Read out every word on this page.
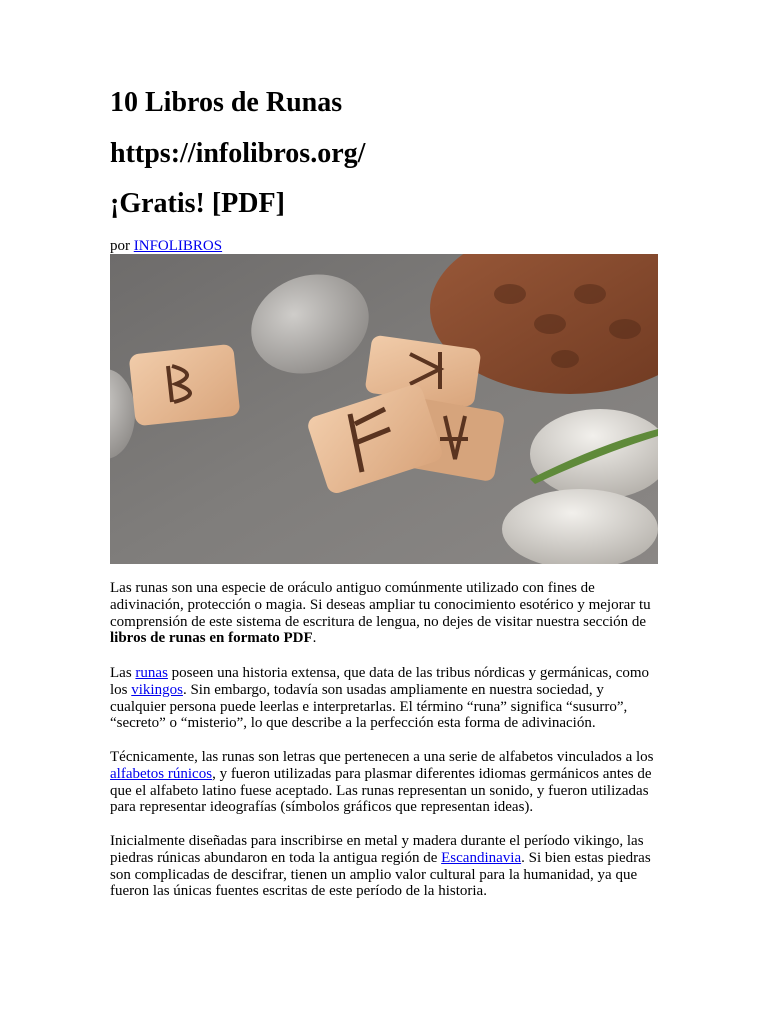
10 Libros de Runas
https://infolibros.org/
¡Gratis! [PDF]
por INFOLIBROS

Las runas son una especie de oráculo antiguo comúnmente utilizado con fines de adivinación, protección o magia. Si deseas ampliar tu conocimiento esotérico y mejorar tu comprensión de este sistema de escritura de lengua, no dejes de visitar nuestra sección de libros de runas en formato PDF.

Las runas poseen una historia extensa, que data de las tribus nórdicas y germánicas, como los vikingos. Sin embargo, todavía son usadas ampliamente en nuestra sociedad, y cualquier persona puede leerlas e interpretarlas. El término “runa” significa “susurro”, “secreto” o “misterio”, lo que describe a la perfección esta forma de adivinación.

Técnicamente, las runas son letras que pertenecen a una serie de alfabetos vinculados a los alfabetos rúnicos, y fueron utilizadas para plasmar diferentes idiomas germánicos antes de que el alfabeto latino fuese aceptado. Las runas representan un sonido, y fueron utilizadas para representar ideografías (símbolos gráficos que representan ideas).

Inicialmente diseñadas para inscribirse en metal y madera durante el período vikingo, las piedras rúnicas abundaron en toda la antigua región de Escandinavia. Si bien estas piedras son complicadas de descifrar, tienen un amplio valor cultural para la humanidad, ya que fueron las únicas fuentes escritas de este período de la historia.
